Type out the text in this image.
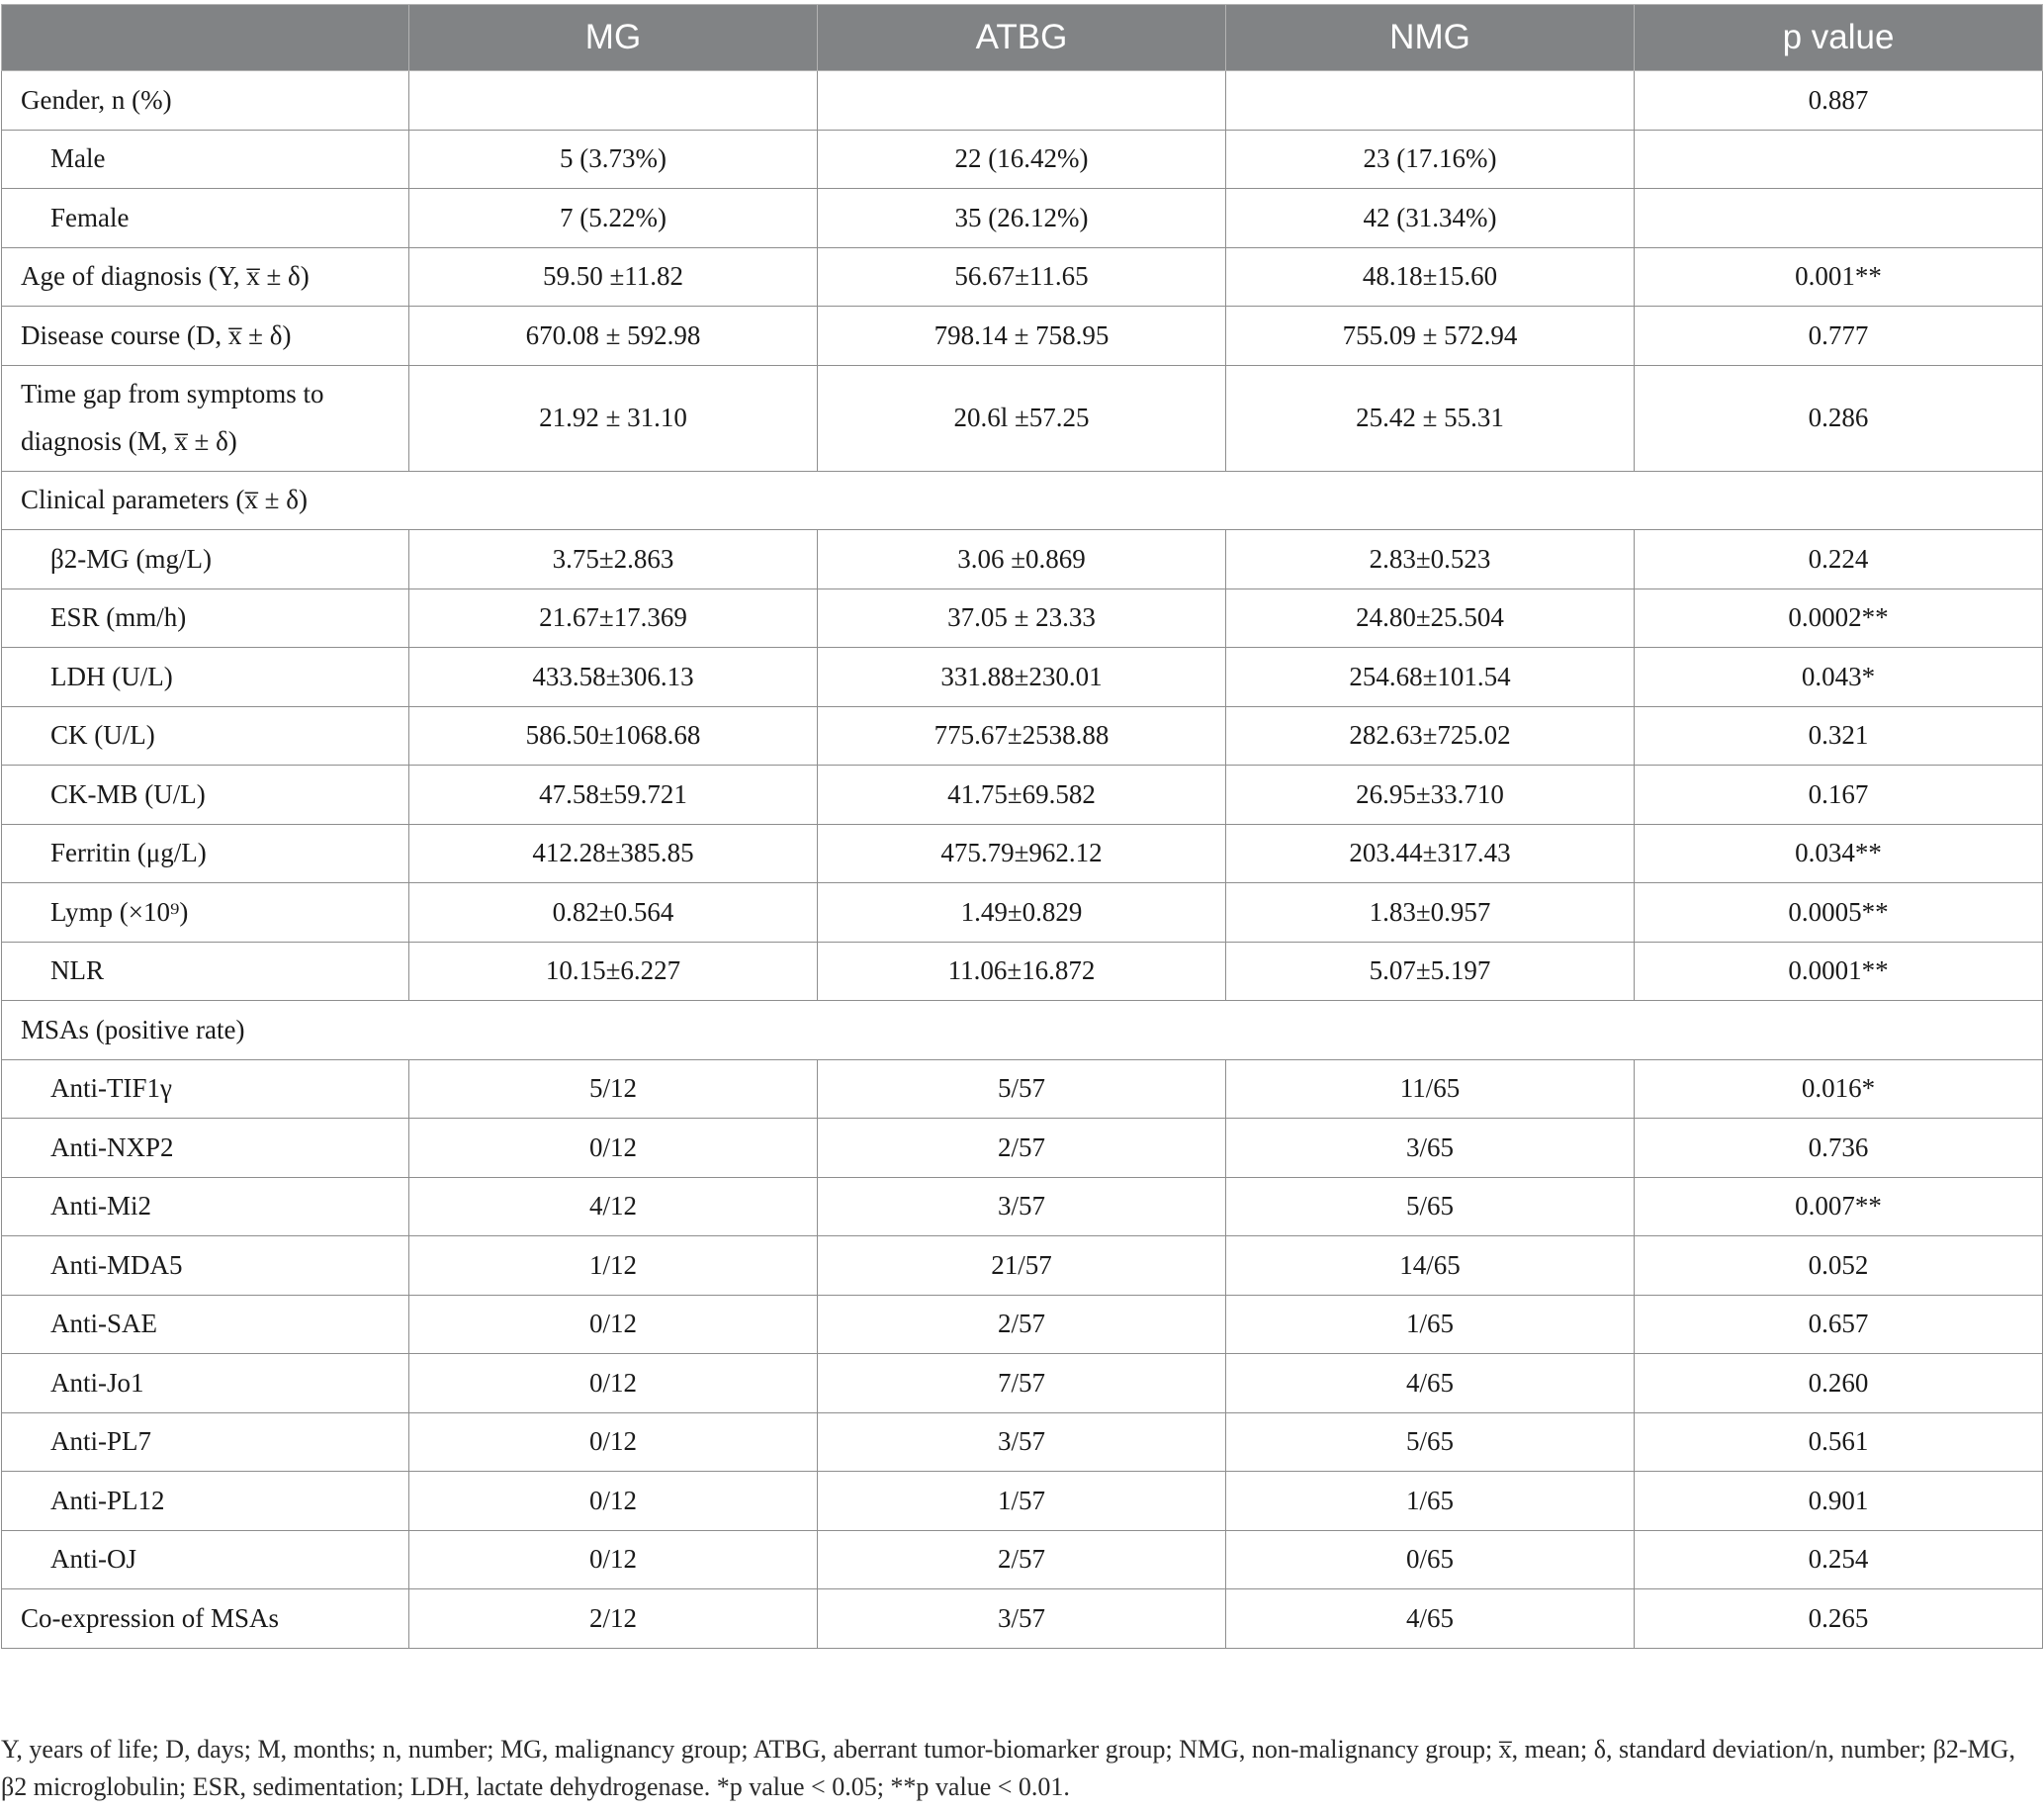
	MG	ATBG	NMG	p value
Gender, n (%)				0.887
Male	5 (3.73%)	22 (16.42%)	23 (17.16%)	
Female	7 (5.22%)	35 (26.12%)	42 (31.34%)	
Age of diagnosis (Y, x̅ ± δ)	59.50 ±11.82	56.67±11.65	48.18±15.60	0.001**
Disease course (D, x̅ ± δ)	670.08 ± 592.98	798.14 ± 758.95	755.09 ± 572.94	0.777
Time gap from symptoms to diagnosis (M, x̅ ± δ)	21.92 ± 31.10	20.6l ±57.25	25.42 ± 55.31	0.286
Clinical parameters (x̅ ± δ)				
β2-MG (mg/L)	3.75±2.863	3.06 ±0.869	2.83±0.523	0.224
ESR (mm/h)	21.67±17.369	37.05 ± 23.33	24.80±25.504	0.0002**
LDH (U/L)	433.58±306.13	331.88±230.01	254.68±101.54	0.043*
CK (U/L)	586.50±1068.68	775.67±2538.88	282.63±725.02	0.321
CK-MB (U/L)	47.58±59.721	41.75±69.582	26.95±33.710	0.167
Ferritin (μg/L)	412.28±385.85	475.79±962.12	203.44±317.43	0.034**
Lymp (×10⁹)	0.82±0.564	1.49±0.829	1.83±0.957	0.0005**
NLR	10.15±6.227	11.06±16.872	5.07±5.197	0.0001**
MSAs (positive rate)				
Anti-TIF1γ	5/12	5/57	11/65	0.016*
Anti-NXP2	0/12	2/57	3/65	0.736
Anti-Mi2	4/12	3/57	5/65	0.007**
Anti-MDA5	1/12	21/57	14/65	0.052
Anti-SAE	0/12	2/57	1/65	0.657
Anti-Jo1	0/12	7/57	4/65	0.260
Anti-PL7	0/12	3/57	5/65	0.561
Anti-PL12	0/12	1/57	1/65	0.901
Anti-OJ	0/12	2/57	0/65	0.254
Co-expression of MSAs	2/12	3/57	4/65	0.265
Y, years of life; D, days; M, months; n, number; MG, malignancy group; ATBG, aberrant tumor-biomarker group; NMG, non-malignancy group; x̅, mean; δ, standard deviation/n, number; β2-MG, β2 microglobulin; ESR, sedimentation; LDH, lactate dehydrogenase. *p value < 0.05; **p value < 0.01.
